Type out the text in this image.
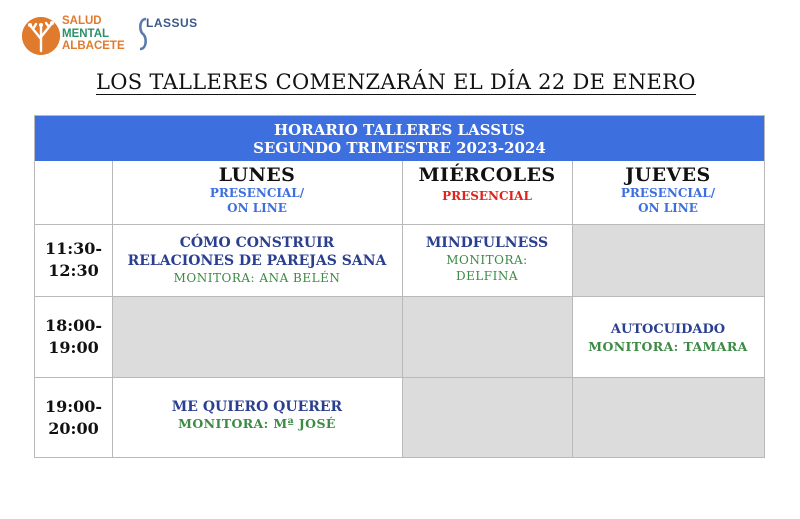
SALUD
MENTAL
ALBACETE
LASSUS
LOS TALLERES COMENZARÁN EL DÍA 22 DE ENERO
HORARIO TALLERES LASSUS
SEGUNDO TRIMESTRE 2023-2024
LUNES
PRESENCIAL/
ON LINE
MIÉRCOLES
PRESENCIAL
JUEVES
PRESENCIAL/
ON LINE
11:30-
12:30
18:00-
19:00
19:00-
20:00
CÓMO CONSTRUIR
RELACIONES DE PAREJAS SANA
MONITORA: ANA BELÉN
MINDFULNESS
MONITORA:
DELFINA
AUTOCUIDADO
MONITORA: TAMARA
ME QUIERO QUERER
MONITORA: Mª JOSÉ
